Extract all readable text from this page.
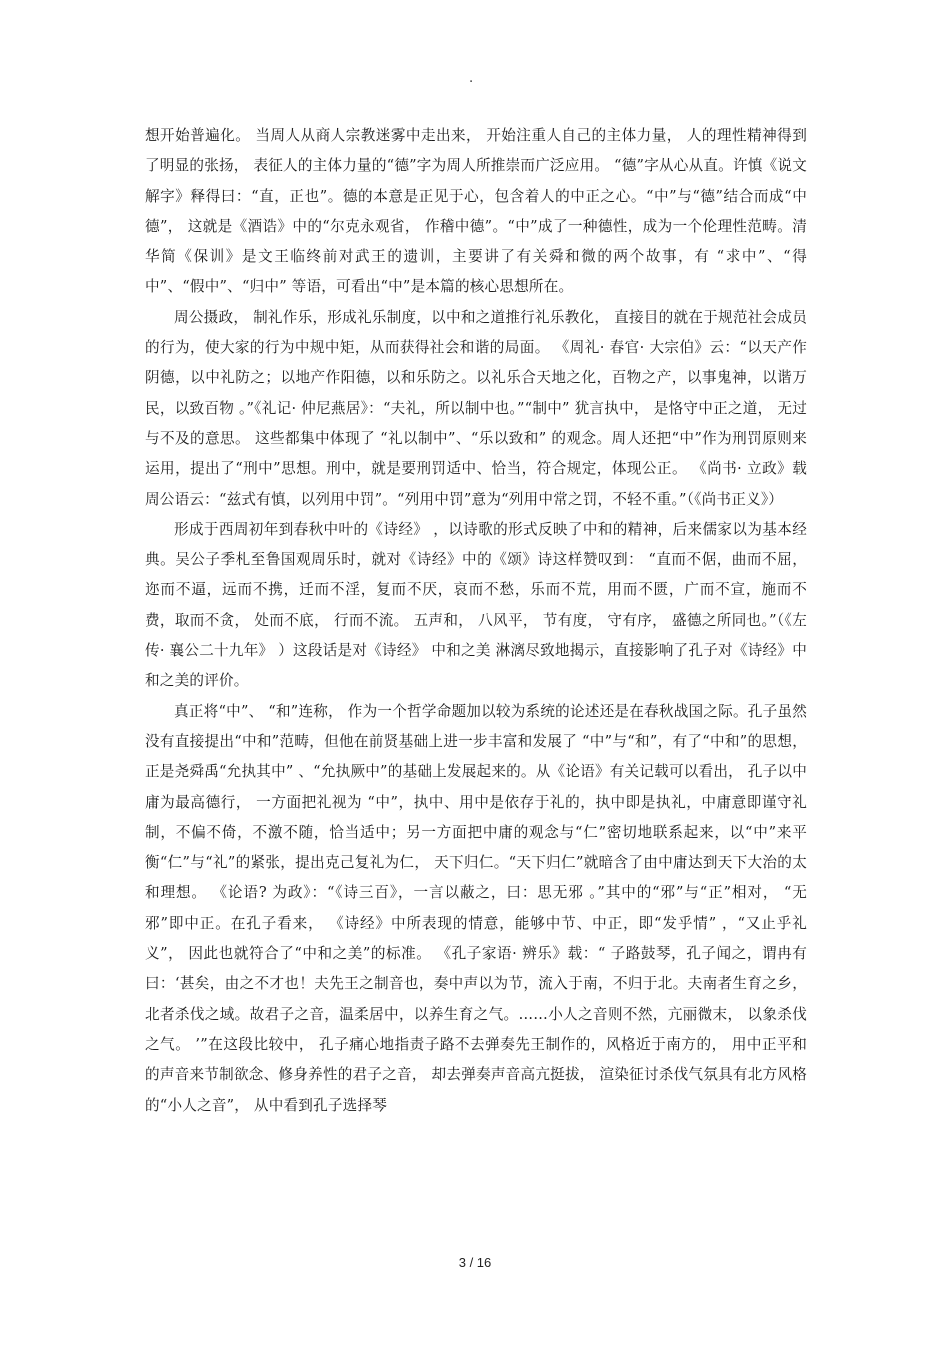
.

想开始普遍化。 当周人从商人宗教迷雾中走出来， 开始注重人自己的主体力量， 人的理性精神得到了明显的张扬， 表征人的主体力量的“德”字为周人所推崇而广泛应用。 “德”字从心从直。许慎《说文解字》释得曰：“直，正也”。德的本意是正见于心，包含着人的中正之心。“中”与“德”结合而成“中德”， 这就是《酒诰》中的“尔克永观省， 作稽中德”。“中”成了一种德性，成为一个伦理性范畴。清华简《保训》是文王临终前对武王的遗训，主要讲了有关舜和微的两个故事，有 “求中”、“得中”、“假中”、“归中” 等语，可看出“中”是本篇的核心思想所在。

周公摄政， 制礼作乐，形成礼乐制度，以中和之道推行礼乐教化， 直接目的就在于规范社会成员的行为，使大家的行为中规中矩，从而获得社会和谐的局面。 《周礼· 春官· 大宗伯》云：“以天产作阴德，以中礼防之；以地产作阳德，以和乐防之。以礼乐合天地之化，百物之产，以事鬼神，以谐万民，以致百物 。”《礼记· 仲尼燕居》：“夫礼，所以制中也。”“制中” 犹言执中， 是恪守中正之道， 无过与不及的意思。 这些都集中体现了 “礼以制中”、“乐以致和” 的观念。周人还把“中”作为刑罚原则来运用，提出了“刑中”思想。刑中，就是要刑罚适中、恰当，符合规定，体现公正。 《尚书· 立政》载周公语云：“兹式有慎，以列用中罚”。“列用中罚”意为“列用中常之罚，不轻不重。”（《尚书正义》）

形成于西周初年到春秋中叶的《诗经》 ，以诗歌的形式反映了中和的精神，后来儒家以为基本经典。吴公子季札至鲁国观周乐时，就对《诗经》中的《颂》诗这样赞叹到： “直而不倨，曲而不屈，迩而不逼，远而不携，迁而不淫，复而不厌，哀而不愁，乐而不荒，用而不匮，广而不宣，施而不费，取而不贪， 处而不底， 行而不流。 五声和， 八风平， 节有度， 守有序， 盛德之所同也。”（《左传· 襄公二十九年》 ）这段话是对《诗经》 中和之美 淋漓尽致地揭示，直接影响了孔子对《诗经》中和之美的评价。

真正将“中”、 “和”连称， 作为一个哲学命题加以较为系统的论述还是在春秋战国之际。孔子虽然没有直接提出“中和”范畴，但他在前贤基础上进一步丰富和发展了 “中”与“和”，有了“中和”的思想，正是尧舜禹“允执其中” 、“允执厥中”的基础上发展起来的。从《论语》有关记载可以看出， 孔子以中庸为最高德行， 一方面把礼视为 “中”，执中、用中是依存于礼的，执中即是执礼，中庸意即谨守礼制，不偏不倚，不激不随，恰当适中；另一方面把中庸的观念与“仁”密切地联系起来，以“中”来平衡“仁”与“礼”的紧张，提出克己复礼为仁， 天下归仁。“天下归仁”就暗含了由中庸达到天下大治的太和理想。 《论语? 为政》：“《诗三百》，一言以蔽之，曰：思无邪 。”其中的“邪”与“正”相对， “无邪”即中正。在孔子看来， 《诗经》中所表现的情意，能够中节、中正，即“发乎情” ，“又止乎礼义”， 因此也就符合了“中和之美”的标准。 《孔子家语· 辨乐》载：“ 子路鼓琴，孔子闻之，谓冉有曰：‘甚矣，由之不才也！夫先王之制音也，奏中声以为节，流入于南，不归于北。夫南者生育之乡，北者杀伐之域。故君子之音，温柔居中，以养生育之气。……小人之音则不然，亢丽微末， 以象杀伐之气。 ’”在这段比较中， 孔子痛心地指责子路不去弹奏先王制作的，风格近于南方的， 用中正平和的声音来节制欲念、修身养性的君子之音， 却去弹奏声音高亢挺拔， 渲染征讨杀伐气氛具有北方风格的“小人之音”， 从中看到孔子选择琴

3 / 16
